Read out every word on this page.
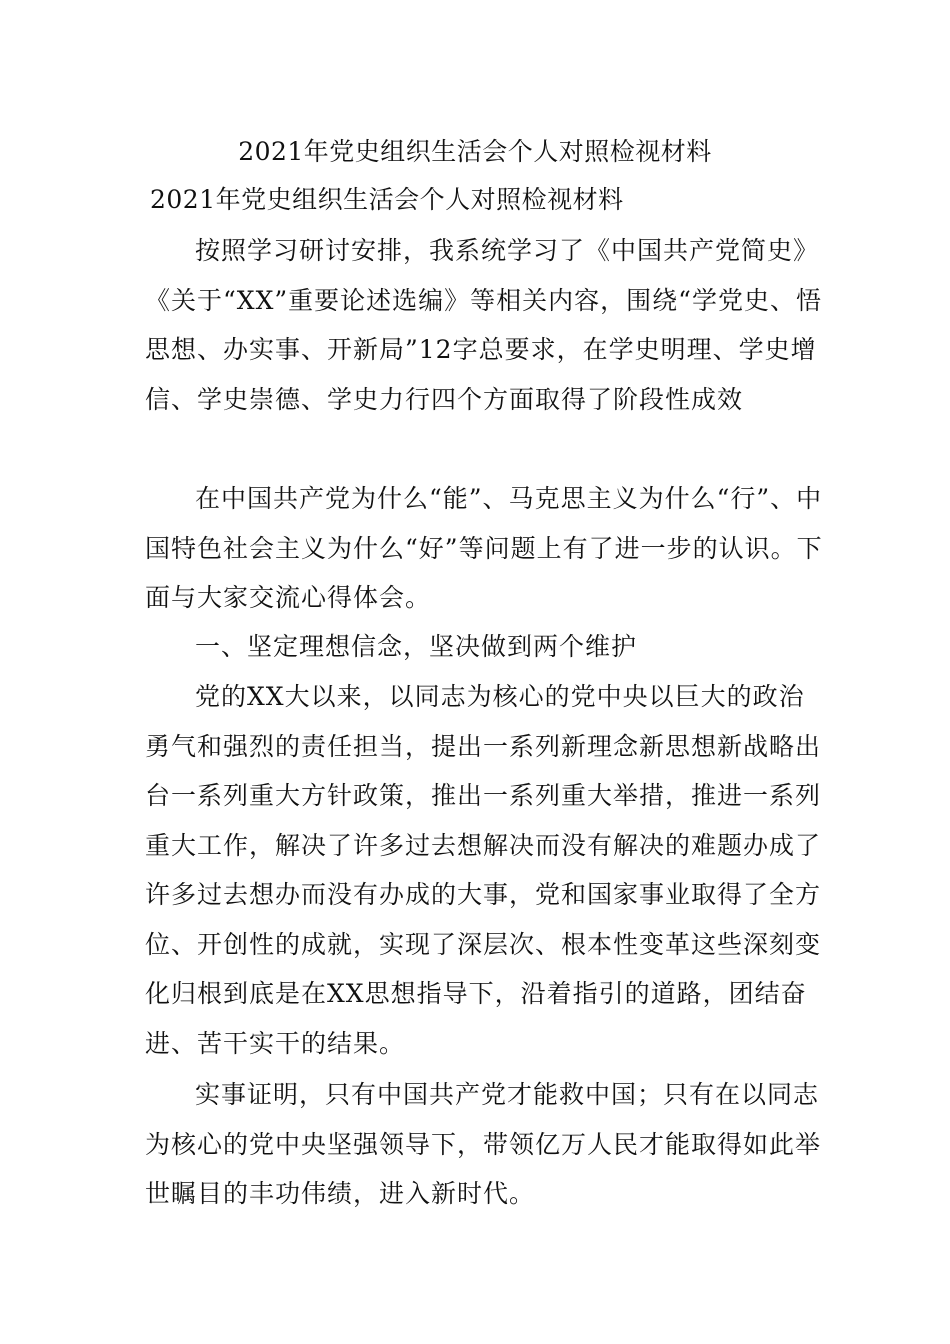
2021年党史组织生活会个人对照检视材料
2021年党史组织生活会个人对照检视材料

按照学习研讨安排，我系统学习了《中国共产党简史》《关于“XX”重要论述选编》等相关内容，围绕“学党史、悟思想、办实事、开新局”12字总要求，在学史明理、学史增信、学史崇德、学史力行四个方面取得了阶段性成效

在中国共产党为什么“能”、马克思主义为什么“行”、中国特色社会主义为什么“好”等问题上有了进一步的认识。下面与大家交流心得体会。

一、坚定理想信念，坚决做到两个维护

党的XX大以来，以同志为核心的党中央以巨大的政治勇气和强烈的责任担当，提出一系列新理念新思想新战略出台一系列重大方针政策，推出一系列重大举措，推进一系列重大工作，解决了许多过去想解决而没有解决的难题办成了许多过去想办而没有办成的大事，党和国家事业取得了全方位、开创性的成就，实现了深层次、根本性变革这些深刻变化归根到底是在XX思想指导下，沿着指引的道路，团结奋进、苦干实干的结果。

实事证明，只有中国共产党才能救中国；只有在以同志为核心的党中央坚强领导下，带领亿万人民才能取得如此举世瞩目的丰功伟绩，进入新时代。
